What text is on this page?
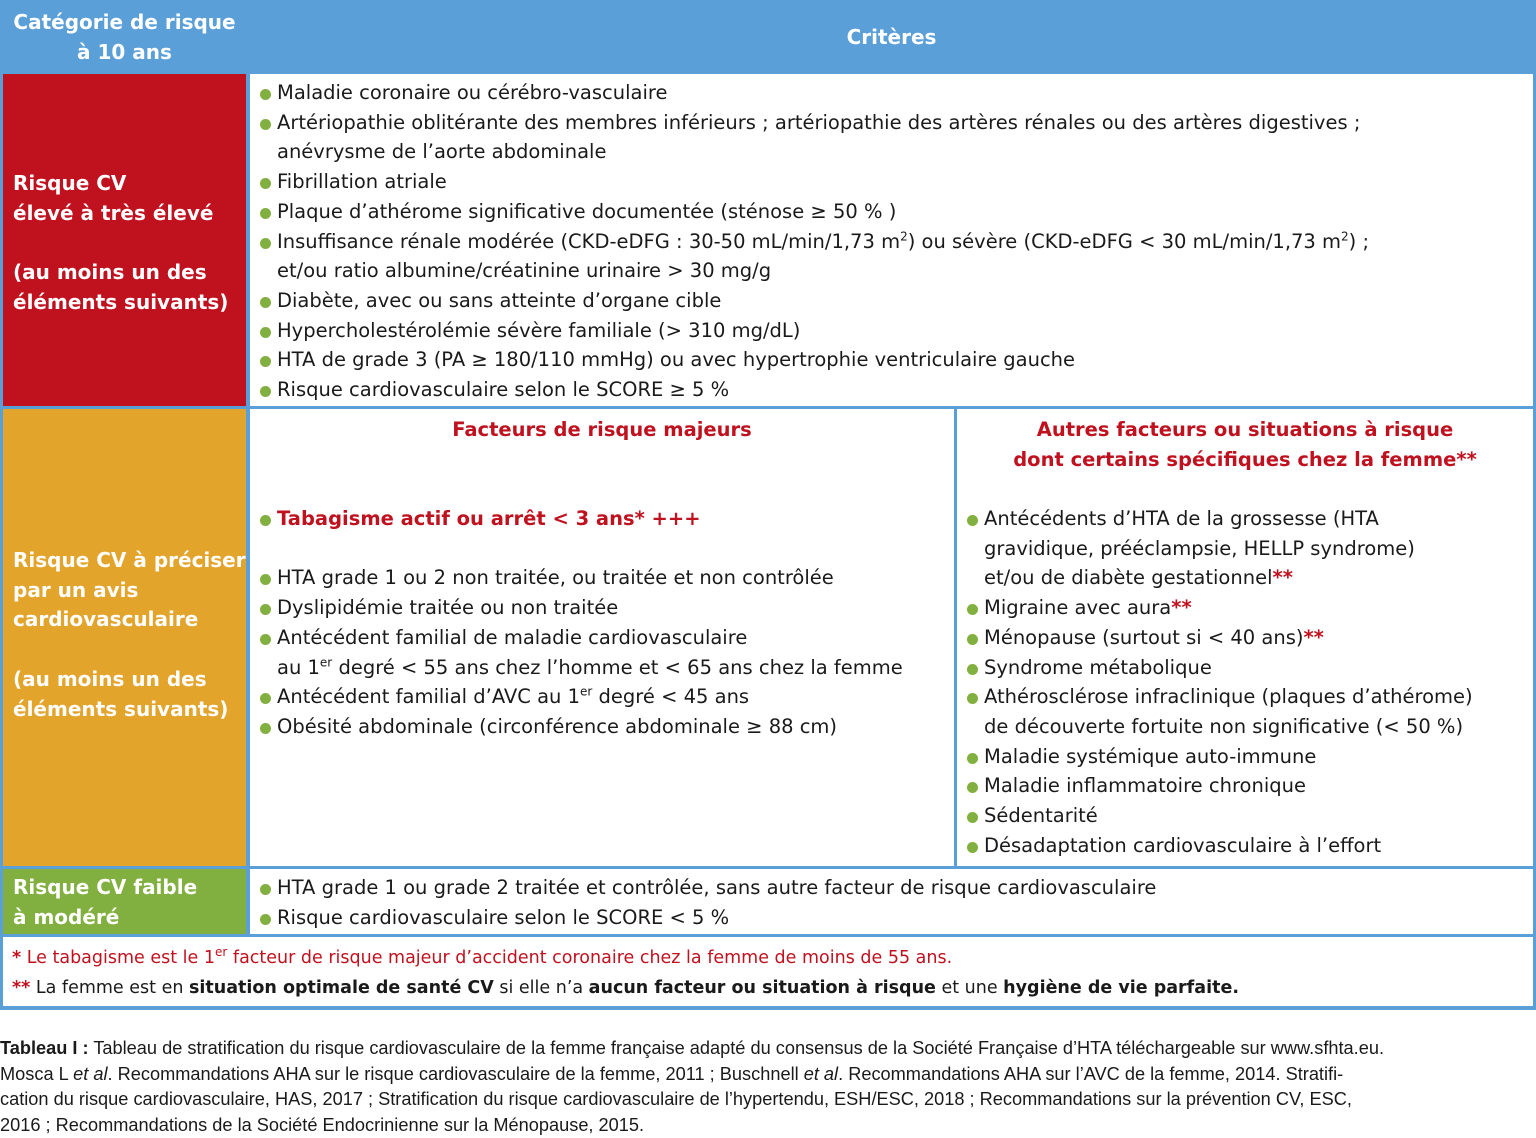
Catégorie de risque
à 10 ans
Critères
Risque CV
élevé à très élevé
(au moins un des
éléments suivants)
Maladie coronaire ou cérébro-vasculaire
Artériopathie oblitérante des membres inférieurs ; artériopathie des artères rénales ou des artères digestives ;
anévrysme de l’aorte abdominale
Fibrillation atriale
Plaque d’athérome significative documentée (sténose ≥ 50 % )
Insuffisance rénale modérée (CKD-eDFG : 30-50 mL/min/1,73 $m^2$) ou sévère (CKD-eDFG < 30 mL/min/1,73 $m^2$) ;
et/ou ratio albumine/créatinine urinaire > 30 mg/g
Diabète, avec ou sans atteinte d’organe cible
Hypercholestérolémie sévère familiale (> 310 mg/dL)
HTA de grade 3 (PA ≥ 180/110 mmHg) ou avec hypertrophie ventriculaire gauche
Risque cardiovasculaire selon le SCORE ≥ 5 %
Risque CV à préciser
par un avis
cardiovasculaire
(au moins un des
éléments suivants)
Facteurs de risque majeurs
Tabagisme actif ou arrêt < 3 ans* +++
HTA grade 1 ou 2 non traitée, ou traitée et non contrôlée
Dyslipidémie traitée ou non traitée
Antécédent familial de maladie cardiovasculaire
au 1er degré < 55 ans chez l’homme et < 65 ans chez la femme
Antécédent familial d’AVC au 1er degré < 45 ans
Obésité abdominale (circonférence abdominale ≥ 88 cm)
Autres facteurs ou situations à risque
dont certains spécifiques chez la femme**
Antécédents d’HTA de la grossesse (HTA
gravidique, prééclampsie, HELLP syndrome)
et/ou de diabète gestationnel**
Migraine avec aura**
Ménopause (surtout si < 40 ans)**
Syndrome métabolique
Athérosclérose infraclinique (plaques d’athérome)
de découverte fortuite non significative (< 50 %)
Maladie systémique auto-immune
Maladie inflammatoire chronique
Sédentarité
Désadaptation cardiovasculaire à l’effort
Risque CV faible
à modéré
HTA grade 1 ou grade 2 traitée et contrôlée, sans autre facteur de risque cardiovasculaire
Risque cardiovasculaire selon le SCORE < 5 %
* Le tabagisme est le 1er facteur de risque majeur d’accident coronaire chez la femme de moins de 55 ans.
** La femme est en situation optimale de santé CV si elle n’a aucun facteur ou situation à risque et une hygiène de vie parfaite.
Tableau I : Tableau de stratification du risque cardiovasculaire de la femme française adapté du consensus de la Société Française d’HTA téléchargeable sur www.sfhta.eu.
Mosca L et al. Recommandations AHA sur le risque cardiovasculaire de la femme, 2011 ; Buschnell et al. Recommandations AHA sur l’AVC de la femme, 2014. Stratifi-
cation du risque cardiovasculaire, HAS, 2017 ; Stratification du risque cardiovasculaire de l’hypertendu, ESH/ESC, 2018 ; Recommandations sur la prévention CV, ESC,
2016 ; Recommandations de la Société Endocrinienne sur la Ménopause, 2015.
